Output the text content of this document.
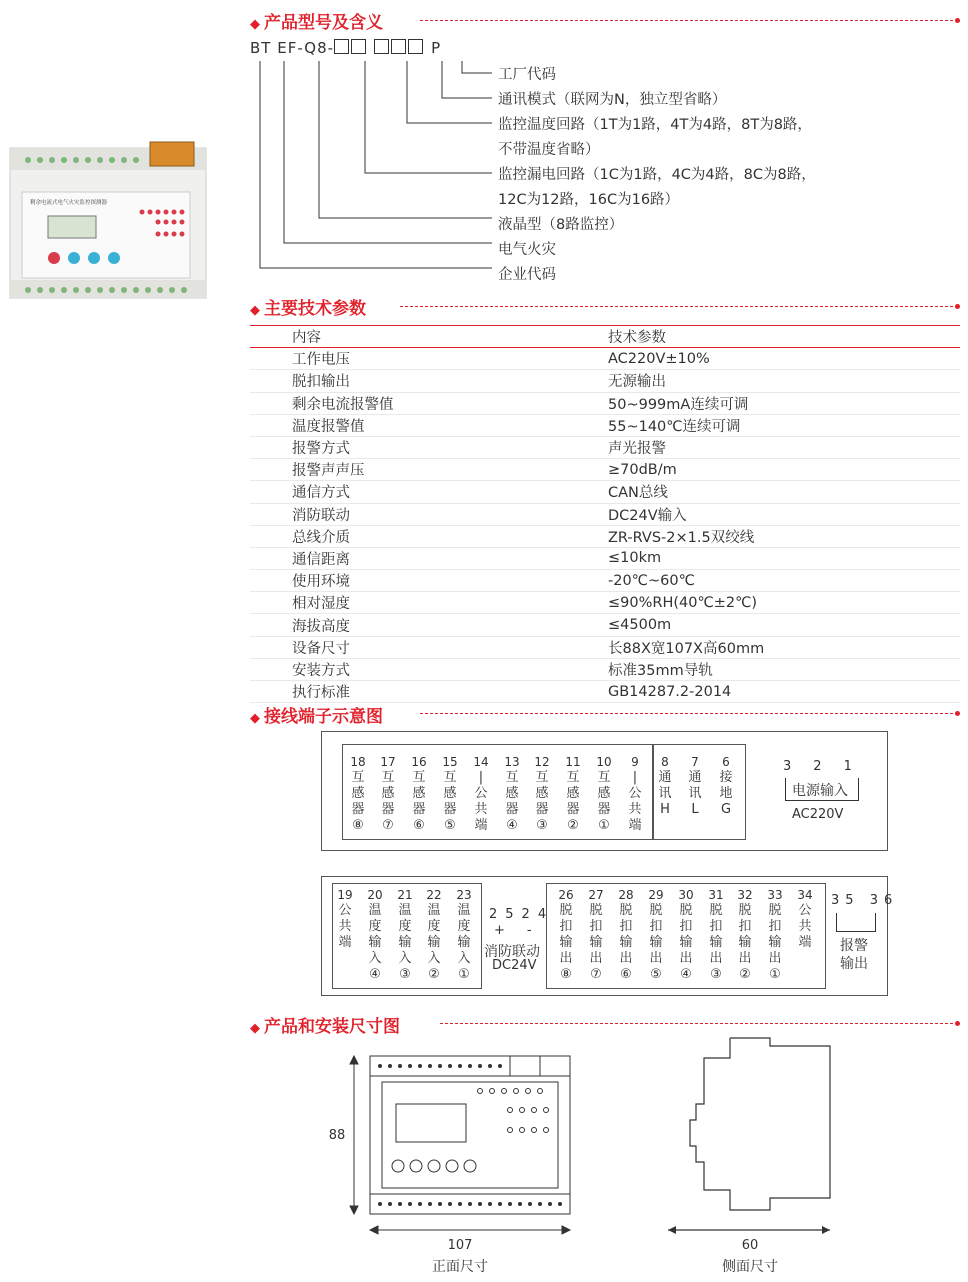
剩余电流式电气火灾监控探测器
◆ 产品型号及含义
BT EF-Q8-	P
工厂代码
通讯模式（联网为N，独立型省略）
监控温度回路（1T为1路，4T为4路，8T为8路，
不带温度省略）
监控漏电回路（1C为1路，4C为4路，8C为8路，
12C为12路，16C为16路）
液晶型（8路监控）
电气火灾
企业代码
◆ 主要技术参数
内容	技术参数
工作电压	AC220V±10%
脱扣输出	无源输出
剩余电流报警值	50~999mA连续可调
温度报警值	55~140℃连续可调
报警方式	声光报警
报警声声压	≥70dB/m
通信方式	CAN总线
消防联动	DC24V输入
总线介质	ZR-RVS-2×1.5双绞线
通信距离	≤10km
使用环境	-20℃~60℃
相对湿度	≤90%RH(40℃±2℃)
海拔高度	≤4500m
设备尺寸	长88X宽107X高60mm
安装方式	标准35mm导轨
执行标准	GB14287.2-2014
◆ 接线端子示意图
18
互
感
器
⑧
17
互
感
器
⑦
16
互
感
器
⑥
15
互
感
器
⑤
14
|
公
共
端
13
互
感
器
④
12
互
感
器
③
11
互
感
器
②
10
互
感
器
①
9
|
公
共
端
8
通
讯
H
7
通
讯
L
6
接
地
G
321
电源输入
AC220V
19
公
共
端
20
温
度
输
入
④
21
温
度
输
入
③
22
温
度
输
入
②
23
温
度
输
入
①
26
脱
扣
输
出
⑧
27
脱
扣
输
出
⑦
28
脱
扣
输
出
⑥
29
脱
扣
输
出
⑤
30
脱
扣
输
出
④
31
脱
扣
输
出
③
32
脱
扣
输
出
②
33
脱
扣
输
出
①
34
公
共
端
2524
+-
消防联动
DC24V
35 36
报警
输出
◆ 产品和安装尺寸图
88
107
正面尺寸
60
侧面尺寸
